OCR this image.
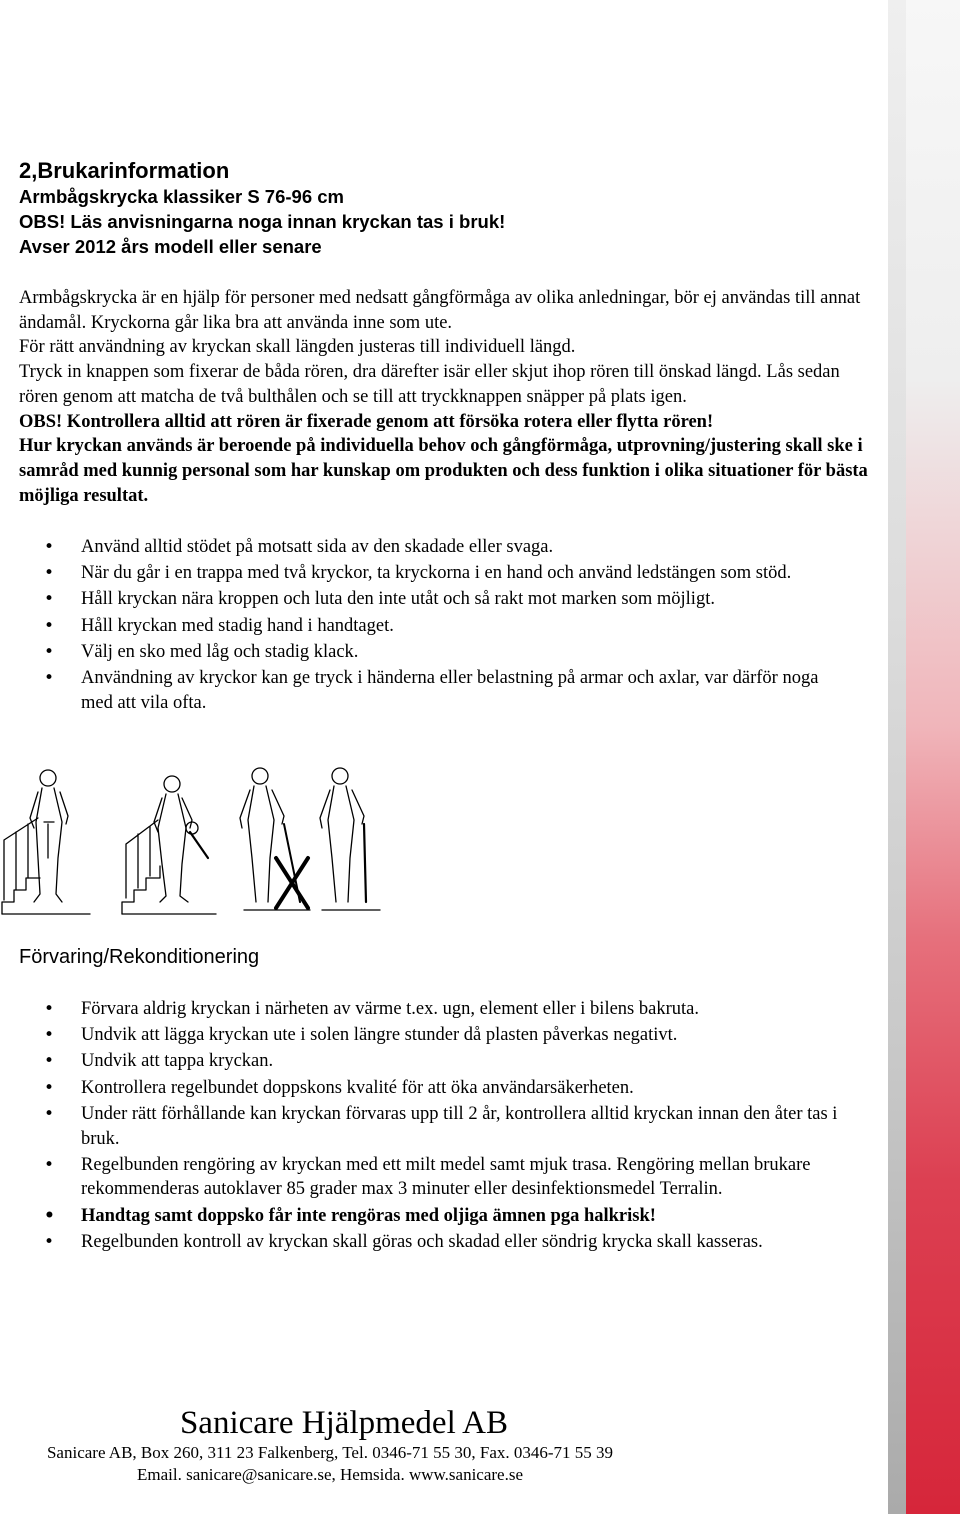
2,Brukarinformation
Armbågskrycka klassiker S 76-96 cm
OBS! Läs anvisningarna noga innan kryckan tas i bruk!
Avser 2012 års modell eller senare

Armbågskrycka är en hjälp för personer med nedsatt gångförmåga av olika anledningar, bör ej användas till annat ändamål. Kryckorna går lika bra att använda inne som ute.

För rätt användning av kryckan skall längden justeras till individuell längd.

Tryck in knappen som fixerar de båda rören, dra därefter isär eller skjut ihop rören till önskad längd. Lås sedan rören genom att matcha de två bulthålen och se till att tryckknappen snäpper på plats igen.

OBS! Kontrollera alltid att rören är fixerade genom att försöka rotera eller flytta rören!

Hur kryckan används är beroende på individuella behov och gångförmåga, utprovning/justering skall ske i samråd med kunnig personal som har kunskap om produkten och dess funktion i olika situationer för bästa möjliga resultat.

• Använd alltid stödet på motsatt sida av den skadade eller svaga.
• När du går i en trappa med två kryckor, ta kryckorna i en hand och använd ledstängen som stöd.
• Håll kryckan nära kroppen och luta den inte utåt och så rakt mot marken som möjligt.
• Håll kryckan med stadig hand i handtaget.
• Välj en sko med låg och stadig klack.
• Användning av kryckor kan ge tryck i händerna eller belastning på armar och axlar, var därför noga med att vila ofta.
Förvaring/Rekonditionering
• Förvara aldrig kryckan i närheten av värme t.ex. ugn, element eller i bilens bakruta.
• Undvik att lägga kryckan ute i solen längre stunder då plasten påverkas negativt.
• Undvik att tappa kryckan.
• Kontrollera regelbundet doppskons kvalité för att öka användarsäkerheten.
• Under rätt förhållande kan kryckan förvaras upp till 2 år, kontrollera alltid kryckan innan den åter tas i bruk.
• Regelbunden rengöring av kryckan med ett milt medel samt mjuk trasa. Rengöring mellan brukare rekommenderas autoklaver 85 grader max 3 minuter eller desinfektionsmedel Terralin.
• Handtag samt doppsko får inte rengöras med oljiga ämnen pga halkrisk!
• Regelbunden kontroll av kryckan skall göras och skadad eller söndrig krycka skall kasseras.
Sanicare Hjälpmedel AB
Sanicare AB, Box 260, 311 23 Falkenberg, Tel. 0346-71 55 30, Fax. 0346-71 55 39
Email. sanicare@sanicare.se, Hemsida. www.sanicare.se
